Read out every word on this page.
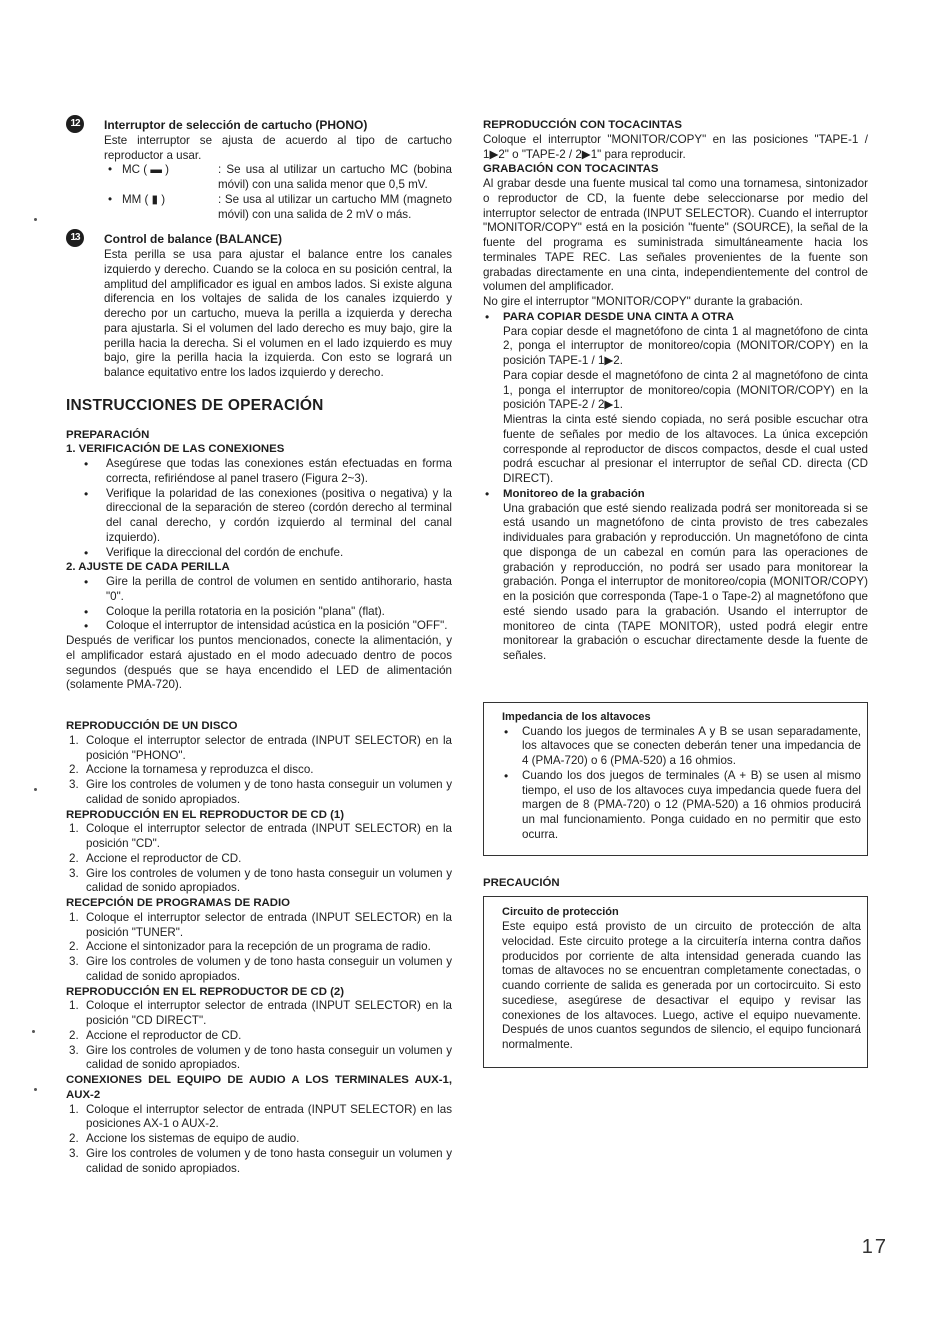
12	Interruptor de selección de cartucho (PHONO)

Este interruptor se ajusta de acuerdo al tipo de cartucho reproductor a usar.

• MC ( ▬ )	: Se usa al utilizar un cartucho MC (bobina móvil) con una salida menor que 0,5 mV.

• MM ( ▮ )	: Se usa al utilizar un cartucho MM (magneto móvil) con una salida de 2 mV o más.

13	Control de balance (BALANCE)

Esta perilla se usa para ajustar el balance entre los canales izquierdo y derecho. Cuando se la coloca en su posición central, la amplitud del amplificador es igual en ambos lados. Si existe alguna diferencia en los voltajes de salida de los canales izquierdo y derecho por un cartucho, mueva la perilla a izquierda y derecha para ajustarla. Si el volumen del lado derecho es muy bajo, gire la perilla hacia la derecha. Si el volumen en el lado izquierdo es muy bajo, gire la perilla hacia la izquierda. Con esto se logrará un balance equitativo entre los lados izquierdo y derecho.

INSTRUCCIONES DE OPERACIÓN

PREPARACIÓN

1. VERIFICACIÓN DE LAS CONEXIONES

• Asegúrese que todas las conexiones están efectuadas en forma correcta, refiriéndose al panel trasero (Figura 2~3).
• Verifique la polaridad de las conexiones (positiva o negativa) y la direccional de la separación de stereo (cordón derecho al terminal del canal derecho, y cordón izquierdo al terminal del canal izquierdo).
• Verifique la direccional del cordón de enchufe.

2. AJUSTE DE CADA PERILLA

• Gire la perilla de control de volumen en sentido antihorario, hasta "0".
• Coloque la perilla rotatoria en la posición "plana" (flat).
• Coloque el interruptor de intensidad acústica en la posición "OFF".

Después de verificar los puntos mencionados, conecte la alimentación, y el amplificador estará ajustado en el modo adecuado dentro de pocos segundos (después que se haya encendido el LED de alimentación (solamente PMA-720).

REPRODUCCIÓN DE UN DISCO

1. Coloque el interruptor selector de entrada (INPUT SELECTOR) en la posición "PHONO".
2. Accione la tornamesa y reproduzca el disco.
3. Gire los controles de volumen y de tono hasta conseguir un volumen y calidad de sonido apropiados.

REPRODUCCIÓN EN EL REPRODUCTOR DE CD (1)

1. Coloque el interruptor selector de entrada (INPUT SELECTOR) en la posición "CD".
2. Accione el reproductor de CD.
3. Gire los controles de volumen y de tono hasta conseguir un volumen y calidad de sonido apropiados.

RECEPCIÓN DE PROGRAMAS DE RADIO

1. Coloque el interruptor selector de entrada (INPUT SELECTOR) en la posición "TUNER".
2. Accione el sintonizador para la recepción de un programa de radio.
3. Gire los controles de volumen y de tono hasta conseguir un volumen y calidad de sonido apropiados.

REPRODUCCIÓN EN EL REPRODUCTOR DE CD (2)

1. Coloque el interruptor selector de entrada (INPUT SELECTOR) en la posición "CD DIRECT".
2. Accione el reproductor de CD.
3. Gire los controles de volumen y de tono hasta conseguir un volumen y calidad de sonido apropiados.

CONEXIONES DEL EQUIPO DE AUDIO A LOS TERMINALES AUX-1, AUX-2

1. Coloque el interruptor selector de entrada (INPUT SELECTOR) en las posiciones AX-1 o AUX-2.
2. Accione los sistemas de equipo de audio.
3. Gire los controles de volumen y de tono hasta conseguir un volumen y calidad de sonido apropiados.

REPRODUCCIÓN CON TOCACINTAS

Coloque el interruptor "MONITOR/COPY" en las posiciones "TAPE-1 / 1▶2" o "TAPE-2 / 2▶1" para reproducir.

GRABACIÓN CON TOCACINTAS

Al grabar desde una fuente musical tal como una tornamesa, sintonizador o reproductor de CD, la fuente debe seleccionarse por medio del interruptor selector de entrada (INPUT SELECTOR). Cuando el interruptor "MONITOR/COPY" está en la posición "fuente" (SOURCE), la señal de la fuente del programa es suministrada simultáneamente hacia los terminales TAPE REC. Las señales provenientes de la fuente son grabadas directamente en una cinta, independientemente del control de volumen del amplificador.

No gire el interruptor "MONITOR/COPY" durante la grabación.

• PARA COPIAR DESDE UNA CINTA A OTRA

Para copiar desde el magnetófono de cinta 1 al magnetófono de cinta 2, ponga el interruptor de monitoreo/copia (MONITOR/COPY) en la posición TAPE-1 / 1▶2.

Para copiar desde el magnetófono de cinta 2 al magnetófono de cinta 1, ponga el interruptor de monitoreo/copia (MONITOR/COPY) en la posición TAPE-2 / 2▶1.

Mientras la cinta esté siendo copiada, no será posible escuchar otra fuente de señales por medio de los altavoces. La única excepción corresponde al reproductor de discos compactos, desde el cual usted podrá escuchar al presionar el interruptor de señal CD. directa (CD DIRECT).

• Monitoreo de la grabación

Una grabación que esté siendo realizada podrá ser monitoreada si se está usando un magnetófono de cinta provisto de tres cabezales individuales para grabación y reproducción. Un magnetófono de cinta que disponga de un cabezal en común para las operaciones de grabación y reproducción, no podrá ser usado para monitorear la grabación. Ponga el interruptor de monitoreo/copia (MONITOR/COPY) en la posición que corresponda (Tape-1 o Tape-2) al magnetófono que esté siendo usado para la grabación. Usando el interruptor de monitoreo de cinta (TAPE MONITOR), usted podrá elegir entre monitorear la grabación o escuchar directamente desde la fuente de señales.

Impedancia de los altavoces

• Cuando los juegos de terminales A y B se usan separadamente, los altavoces que se conecten deberán tener una impedancia de 4 (PMA-720) o 6 (PMA-520) a 16 ohmios.
• Cuando los dos juegos de terminales (A + B) se usen al mismo tiempo, el uso de los altavoces cuya impedancia quede fuera del margen de 8 (PMA-720) o 12 (PMA-520) a 16 ohmios producirá un mal funcionamiento. Ponga cuidado en no permitir que esto ocurra.

PRECAUCIÓN

Circuito de protección

Este equipo está provisto de un circuito de protección de alta velocidad. Este circuito protege a la circuitería interna contra daños producidos por corriente de alta intensidad generada cuando las tomas de altavoces no se encuentran completamente conectadas, o cuando corriente de salida es generada por un cortocircuito. Si esto sucediese, asegúrese de desactivar el equipo y revisar las conexiones de los altavoces. Luego, active el equipo nuevamente. Después de unos cuantos segundos de silencio, el equipo funcionará normalmente.

17
